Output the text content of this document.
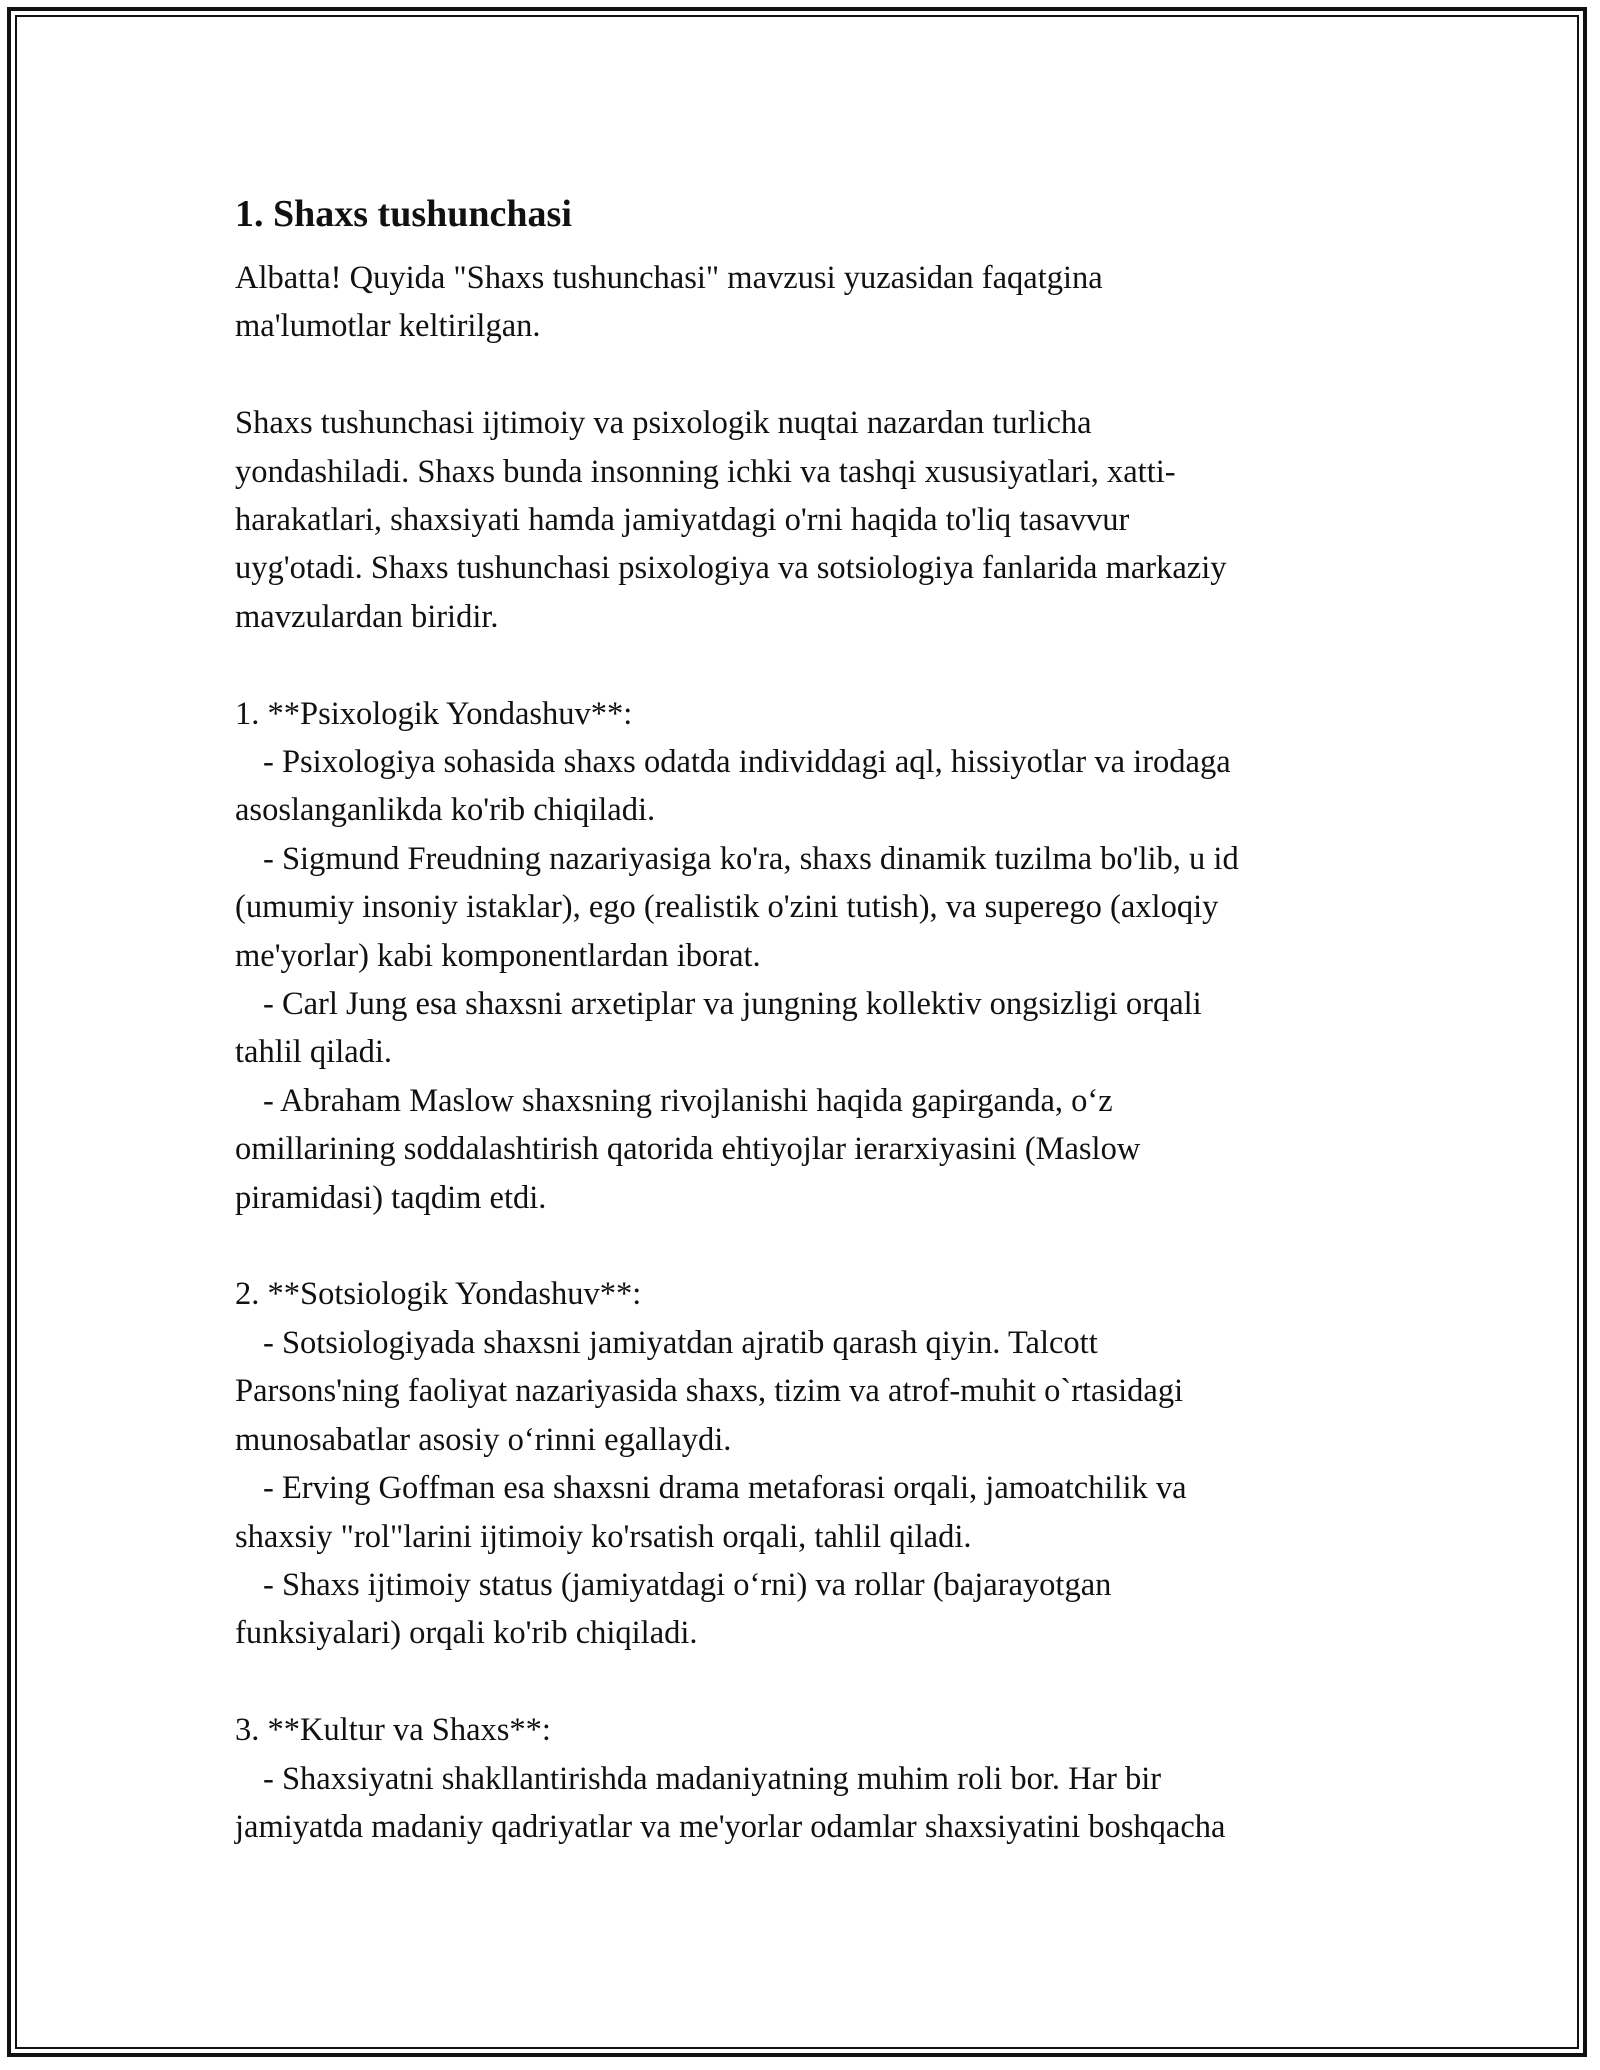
1. Shaxs tushunchasi

Albatta! Quyida "Shaxs tushunchasi" mavzusi yuzasidan faqatgina
ma'lumotlar keltirilgan.

Shaxs tushunchasi ijtimoiy va psixologik nuqtai nazardan turlicha
yondashiladi. Shaxs bunda insonning ichki va tashqi xususiyatlari, xatti-
harakatlari, shaxsiyati hamda jamiyatdagi o'rni haqida to'liq tasavvur
uyg'otadi. Shaxs tushunchasi psixologiya va sotsiologiya fanlarida markaziy
mavzulardan biridir.

1. **Psixologik Yondashuv**:

- Psixologiya sohasida shaxs odatda individdagi aql, hissiyotlar va irodaga
asoslanganlikda ko'rib chiqiladi.

- Sigmund Freudning nazariyasiga ko'ra, shaxs dinamik tuzilma bo'lib, u id
(umumiy insoniy istaklar), ego (realistik o'zini tutish), va superego (axloqiy
me'yorlar) kabi komponentlardan iborat.

- Carl Jung esa shaxsni arxetiplar va jungning kollektiv ongsizligi orqali
tahlil qiladi.

- Abraham Maslow shaxsning rivojlanishi haqida gapirganda, o‘z
omillarining soddalashtirish qatorida ehtiyojlar ierarxiyasini (Maslow
piramidasi) taqdim etdi.

2. **Sotsiologik Yondashuv**:

- Sotsiologiyada shaxsni jamiyatdan ajratib qarash qiyin. Talcott
Parsons'ning faoliyat nazariyasida shaxs, tizim va atrof-muhit o`rtasidagi
munosabatlar asosiy o‘rinni egallaydi.

- Erving Goffman esa shaxsni drama metaforasi orqali, jamoatchilik va
shaxsiy "rol"larini ijtimoiy ko'rsatish orqali, tahlil qiladi.

- Shaxs ijtimoiy status (jamiyatdagi o‘rni) va rollar (bajarayotgan
funksiyalari) orqali ko'rib chiqiladi.

3. **Kultur va Shaxs**:

- Shaxsiyatni shakllantirishda madaniyatning muhim roli bor. Har bir
jamiyatda madaniy qadriyatlar va me'yorlar odamlar shaxsiyatini boshqacha
